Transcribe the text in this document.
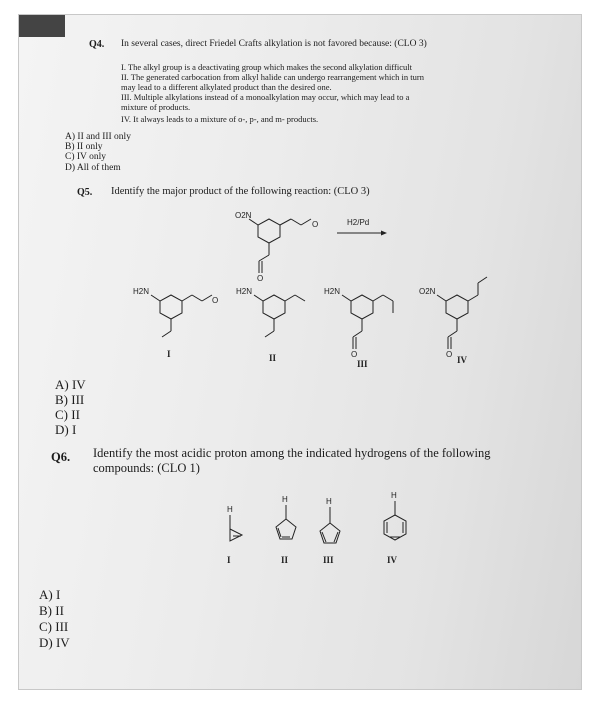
Q4. In several cases, direct Friedel Crafts alkylation is not favored because: (CLO 3)
I. The alkyl group is a deactivating group which makes the second alkylation difficult
II. The generated carbocation from alkyl halide can undergo rearrangement which in turn
may lead to a different alkylated product than the desired one.
III. Multiple alkylations instead of a monoalkylation may occur, which may lead to a
mixture of products.
IV. It always leads to a mixture of o-, p-, and m- products.
A) II and III only
B) II only
C) IV only
D) All of them
Q5. Identify the major product of the following reaction: (CLO 3)
O2N
O
O
H2/Pd
H2N
O
I
H2N
II
H2N
O
III
O2N
O
IV
H
I
H
II
H
III
H
IV
A) IV
B) III
C) II
D) I
Q6. Identify the most acidic proton among the indicated hydrogens of the following
compounds: (CLO 1)
A) I
B) II
C) III
D) IV
